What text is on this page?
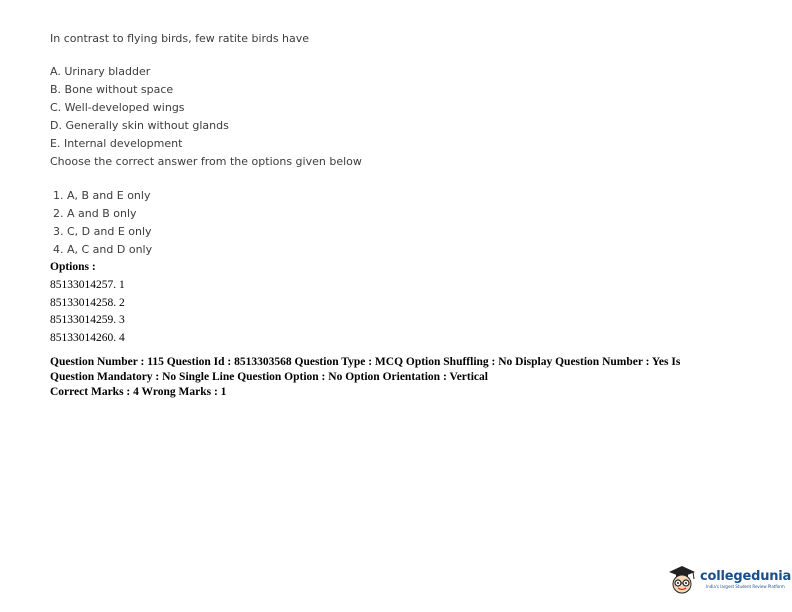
In contrast to flying birds, few ratite birds have

A. Urinary bladder
B. Bone without space
C. Well-developed wings
D. Generally skin without glands
E. Internal development

Choose the correct answer from the options given below

1. A, B and E only
2. A and B only
3. C, D and E only
4. A, C and D only

Options :

85133014257. 1
85133014258. 2
85133014259. 3
85133014260. 4

Question Number : 115 Question Id : 8513303568 Question Type : MCQ Option Shuffling : No Display Question Number : Yes Is

Question Mandatory : No Single Line Question Option : No Option Orientation : Vertical

Correct Marks : 4 Wrong Marks : 1

collegedunia
India's largest Student Review Platform
